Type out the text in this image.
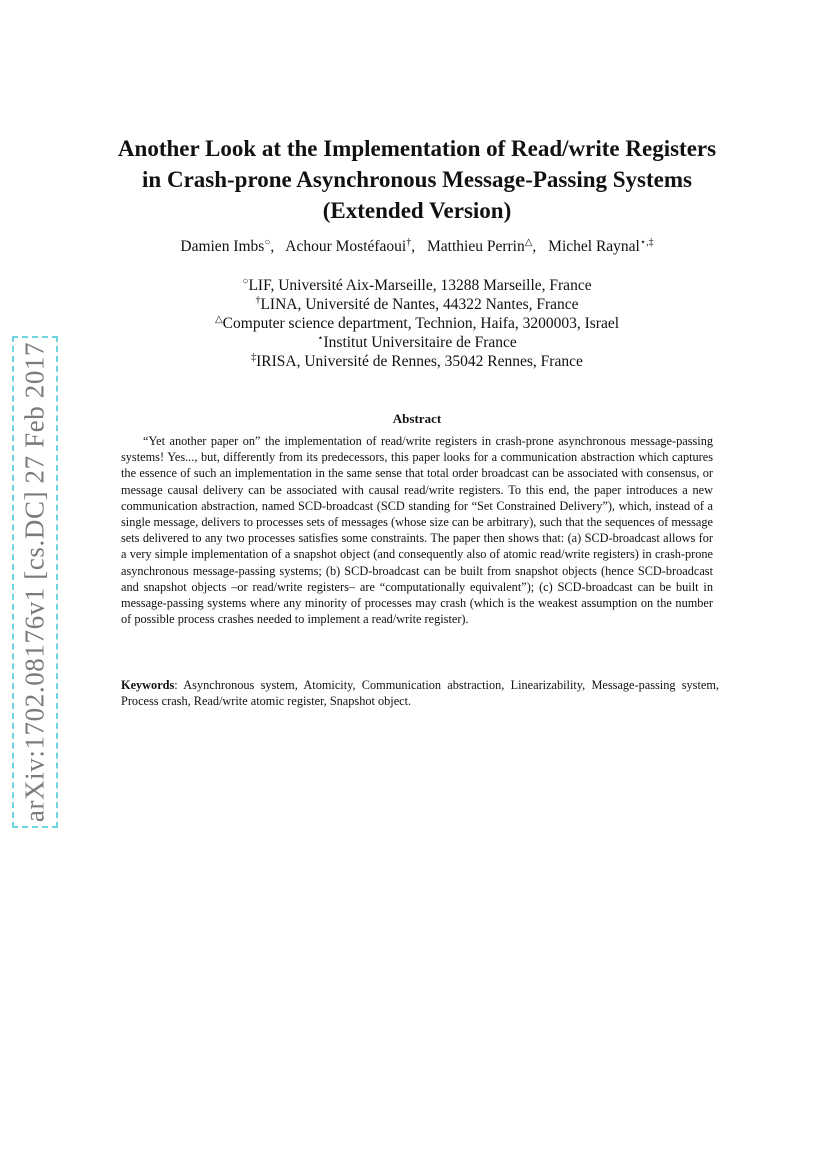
arXiv:1702.08176v1 [cs.DC] 27 Feb 2017
Another Look at the Implementation of Read/write Registers
in Crash-prone Asynchronous Message-Passing Systems
(Extended Version)
Damien Imbs○, Achour Mostéfaoui†, Matthieu Perrin△, Michel Raynal⋆,‡
○LIF, Université Aix-Marseille, 13288 Marseille, France
†LINA, Université de Nantes, 44322 Nantes, France
△Computer science department, Technion, Haifa, 3200003, Israel
⋆Institut Universitaire de France
‡IRISA, Université de Rennes, 35042 Rennes, France
Abstract

“Yet another paper on” the implementation of read/write registers in crash-prone asynchronous message-passing systems! Yes..., but, differently from its predecessors, this paper looks for a communication abstraction which captures the essence of such an implementation in the same sense that total order broadcast can be associated with consensus, or message causal delivery can be associated with causal read/write registers. To this end, the paper introduces a new communication abstraction, named SCD-broadcast (SCD standing for “Set Constrained Delivery”), which, instead of a single message, delivers to processes sets of messages (whose size can be arbitrary), such that the sequences of message sets delivered to any two processes satisfies some constraints. The paper then shows that: (a) SCD-broadcast allows for a very simple implementation of a snapshot object (and consequently also of atomic read/write registers) in crash-prone asynchronous message-passing systems; (b) SCD-broadcast can be built from snapshot objects (hence SCD-broadcast and snapshot objects –or read/write registers– are “computationally equivalent”); (c) SCD-broadcast can be built in message-passing systems where any minority of processes may crash (which is the weakest assumption on the number of possible process crashes needed to implement a read/write register).

Keywords: Asynchronous system, Atomicity, Communication abstraction, Linearizability, Message-passing system, Process crash, Read/write atomic register, Snapshot object.
